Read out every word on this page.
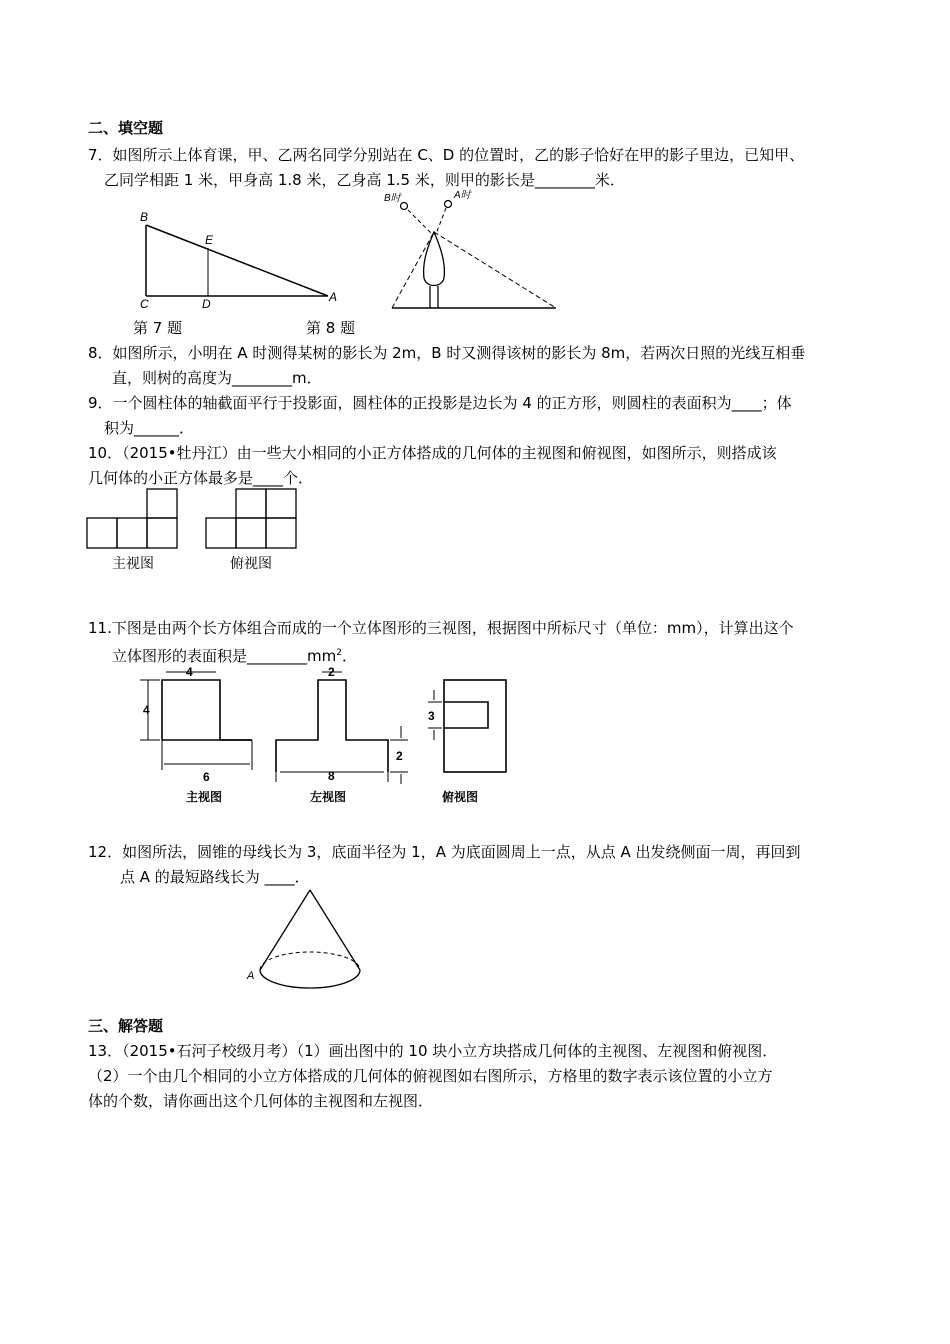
二、填空题
7．如图所示上体育课，甲、乙两名同学分别站在 C、D 的位置时，乙的影子恰好在甲的影子里边，已知甲、
乙同学相距 1 米，甲身高 1.8 米，乙身高 1.5 米，则甲的影长是________米．
B
E
C	D	A
第 7 题
B时	A时
第 8 题
8．如图所示，小明在 A 时测得某树的影长为 2m，B 时又测得该树的影长为 8m，若两次日照的光线互相垂
直，则树的高度为________m．
9．一个圆柱体的轴截面平行于投影面，圆柱体的正投影是边长为 4 的正方形，则圆柱的表面积为____；体
积为______．
10．（2015•牡丹江）由一些大小相同的小正方体搭成的几何体的主视图和俯视图，如图所示，则搭成该
几何体的小正方体最多是____个．
主视图	俯视图
11.下图是由两个长方体组合而成的一个立体图形的三视图，根据图中所标尺寸（单位：mm），计算出这个
立体图形的表面积是$\_\_\_\_\_\_\_\_mm^2$．
4
4
6
主视图
2
8
2
左视图
3
俯视图
12．如图所法，圆锥的母线长为 3，底面半径为 1，A 为底面圆周上一点，从点 A 出发绕侧面一周，再回到
点 A 的最短路线长为 ____．
A
三、解答题
13．（2015•石河子校级月考）（1）画出图中的 10 块小立方块搭成几何体的主视图、左视图和俯视图．
（2）一个由几个相同的小立方体搭成的几何体的俯视图如右图所示，方格里的数字表示该位置的小立方
体的个数，请你画出这个几何体的主视图和左视图．
